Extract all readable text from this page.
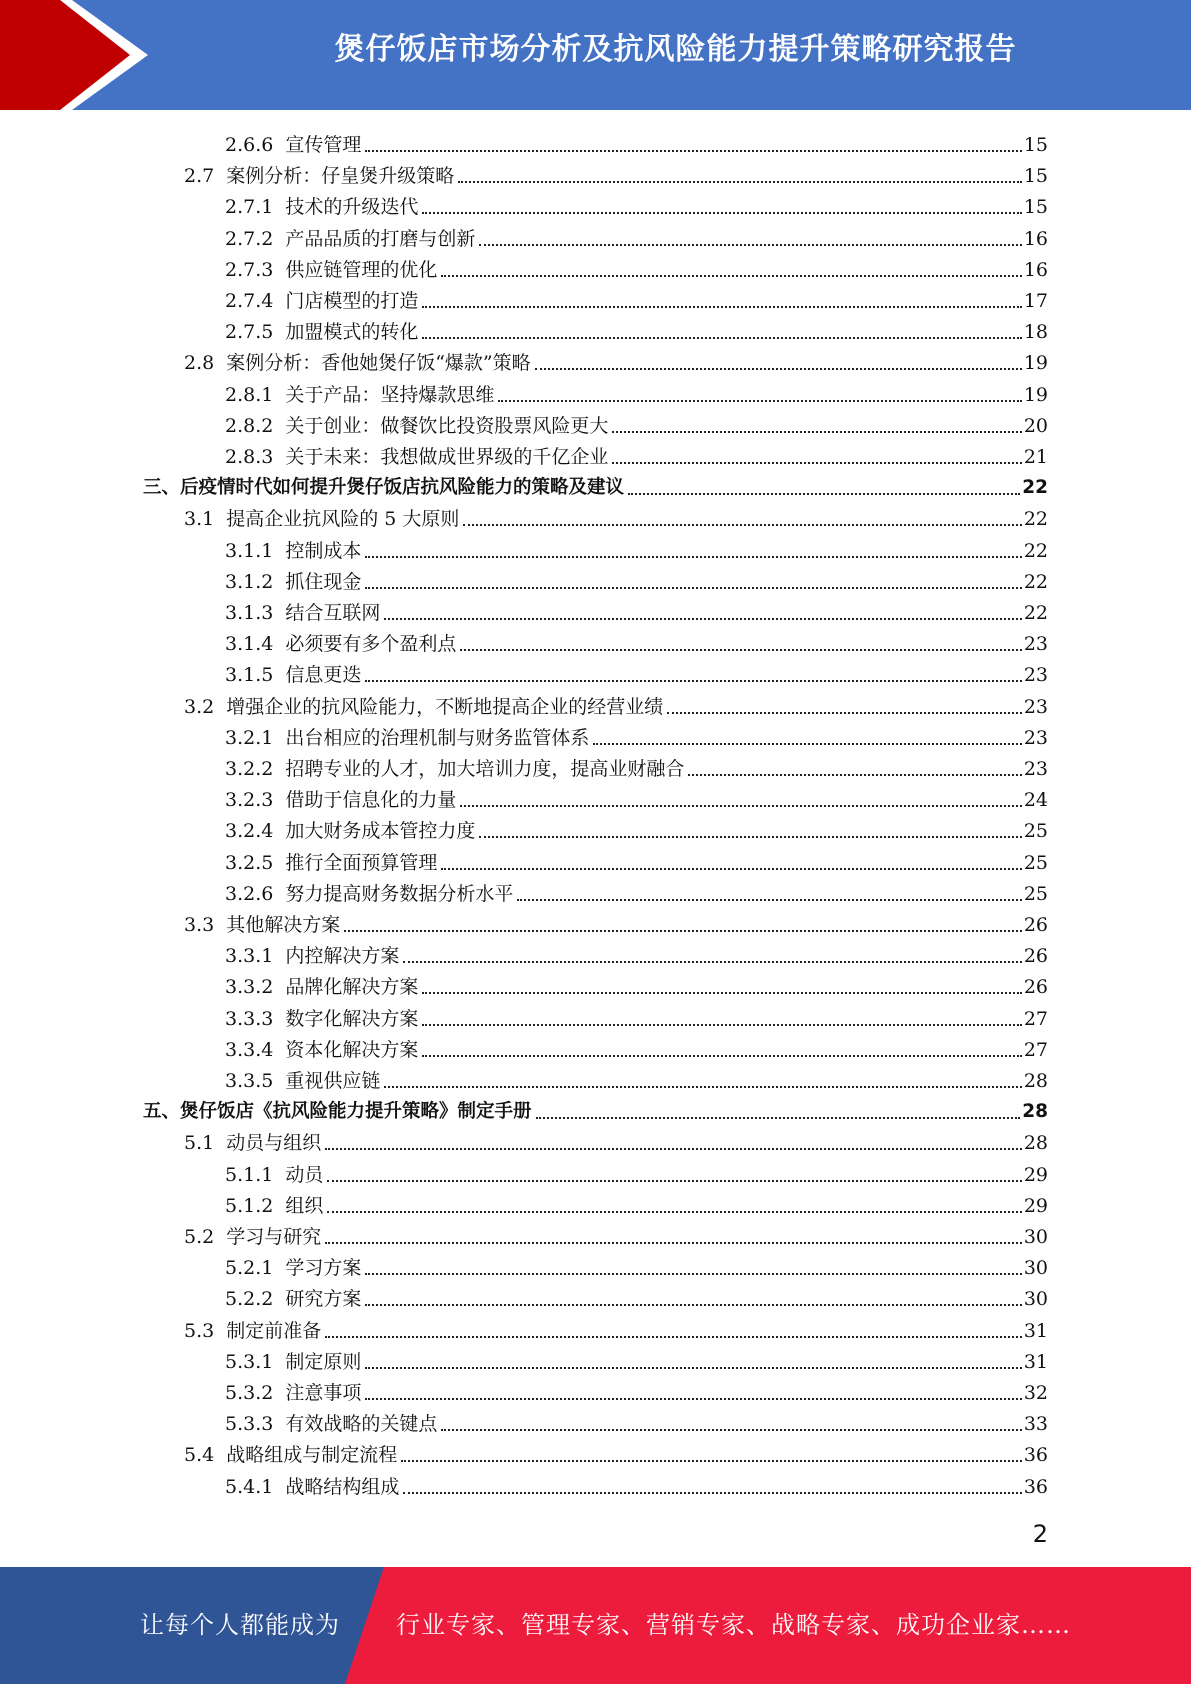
煲仔饭店市场分析及抗风险能力提升策略研究报告
2.6.6 宣传管理	15
2.7 案例分析：仔皇煲升级策略	15
2.7.1 技术的升级迭代	15
2.7.2 产品品质的打磨与创新	16
2.7.3 供应链管理的优化	16
2.7.4 门店模型的打造	17
2.7.5 加盟模式的转化	18
2.8 案例分析：香他她煲仔饭“爆款”策略	19
2.8.1 关于产品：坚持爆款思维	19
2.8.2 关于创业：做餐饮比投资股票风险更大	20
2.8.3 关于未来：我想做成世界级的千亿企业	21
三、后疫情时代如何提升煲仔饭店抗风险能力的策略及建议	22
3.1 提高企业抗风险的 5 大原则	22
3.1.1 控制成本	22
3.1.2 抓住现金	22
3.1.3 结合互联网	22
3.1.4 必须要有多个盈利点	23
3.1.5 信息更迭	23
3.2 增强企业的抗风险能力，不断地提高企业的经营业绩	23
3.2.1 出台相应的治理机制与财务监管体系	23
3.2.2 招聘专业的人才，加大培训力度，提高业财融合	23
3.2.3 借助于信息化的力量	24
3.2.4 加大财务成本管控力度	25
3.2.5 推行全面预算管理	25
3.2.6 努力提高财务数据分析水平	25
3.3 其他解决方案	26
3.3.1 内控解决方案	26
3.3.2 品牌化解决方案	26
3.3.3 数字化解决方案	27
3.3.4 资本化解决方案	27
3.3.5 重视供应链	28
五、煲仔饭店《抗风险能力提升策略》制定手册	28
5.1 动员与组织	28
5.1.1 动员	29
5.1.2 组织	29
5.2 学习与研究	30
5.2.1 学习方案	30
5.2.2 研究方案	30
5.3 制定前准备	31
5.3.1 制定原则	31
5.3.2 注意事项	32
5.3.3 有效战略的关键点	33
5.4 战略组成与制定流程	36
5.4.1 战略结构组成	36
2
让每个人都能成为 行业专家、管理专家、营销专家、战略专家、成功企业家……
